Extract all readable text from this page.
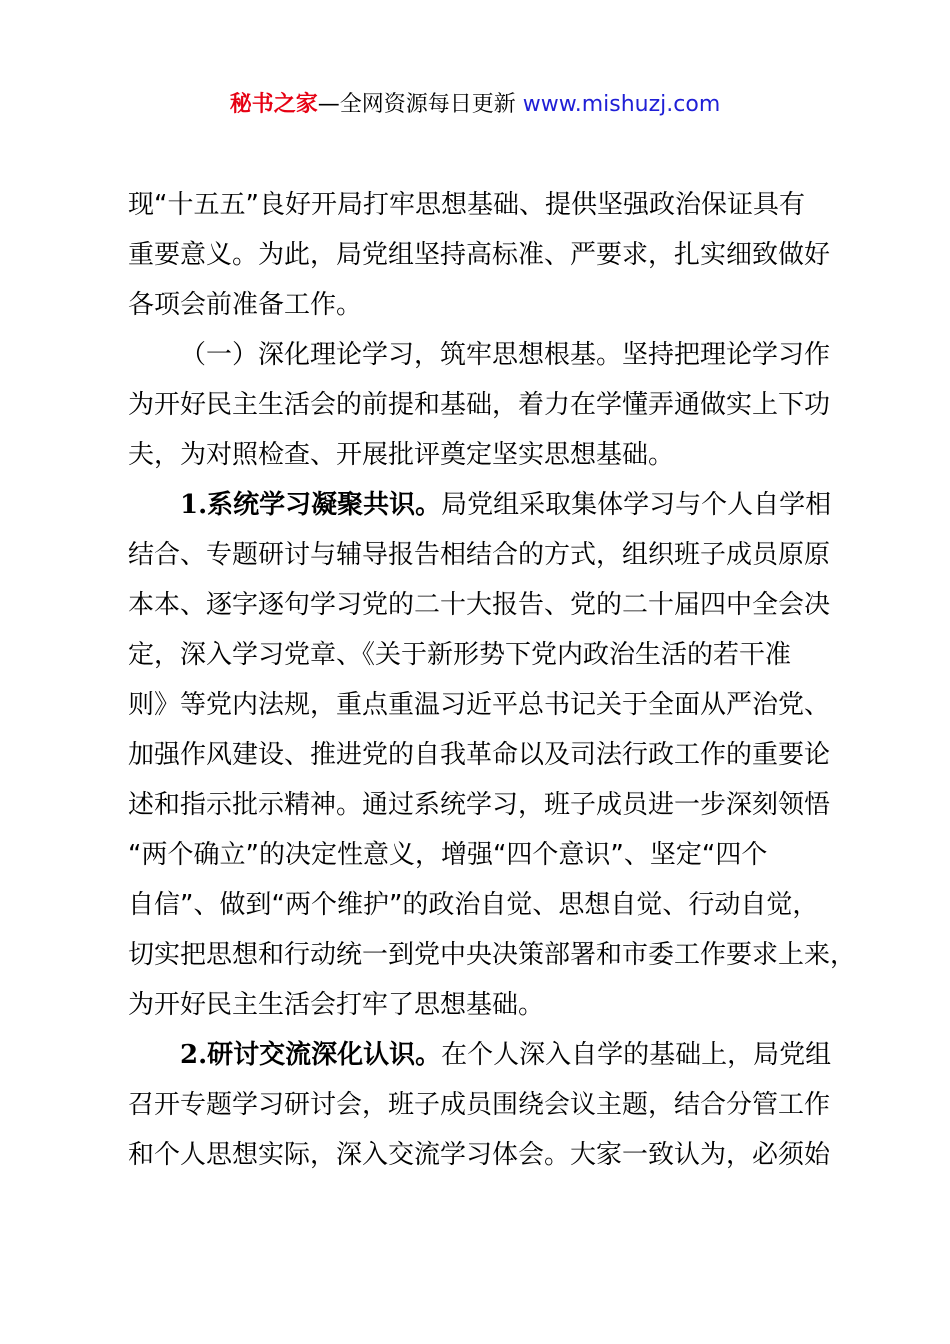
秘书之家—全网资源每日更新 www.mishuzj.com
现“十五五”良好开局打牢思想基础、提供坚强政治保证具有
重要意义。为此，局党组坚持高标准、严要求，扎实细致做好
各项会前准备工作。
（一）深化理论学习，筑牢思想根基。坚持把理论学习作
为开好民主生活会的前提和基础，着力在学懂弄通做实上下功
夫，为对照检查、开展批评奠定坚实思想基础。
1.系统学习凝聚共识。局党组采取集体学习与个人自学相
结合、专题研讨与辅导报告相结合的方式，组织班子成员原原
本本、逐字逐句学习党的二十大报告、党的二十届四中全会决
定，深入学习党章、《关于新形势下党内政治生活的若干准
则》等党内法规，重点重温习近平总书记关于全面从严治党、
加强作风建设、推进党的自我革命以及司法行政工作的重要论
述和指示批示精神。通过系统学习，班子成员进一步深刻领悟
“两个确立”的决定性意义，增强“四个意识”、坚定“四个
自信”、做到“两个维护”的政治自觉、思想自觉、行动自觉，
切实把思想和行动统一到党中央决策部署和市委工作要求上来，
为开好民主生活会打牢了思想基础。
2.研讨交流深化认识。在个人深入自学的基础上，局党组
召开专题学习研讨会，班子成员围绕会议主题，结合分管工作
和个人思想实际，深入交流学习体会。大家一致认为，必须始
